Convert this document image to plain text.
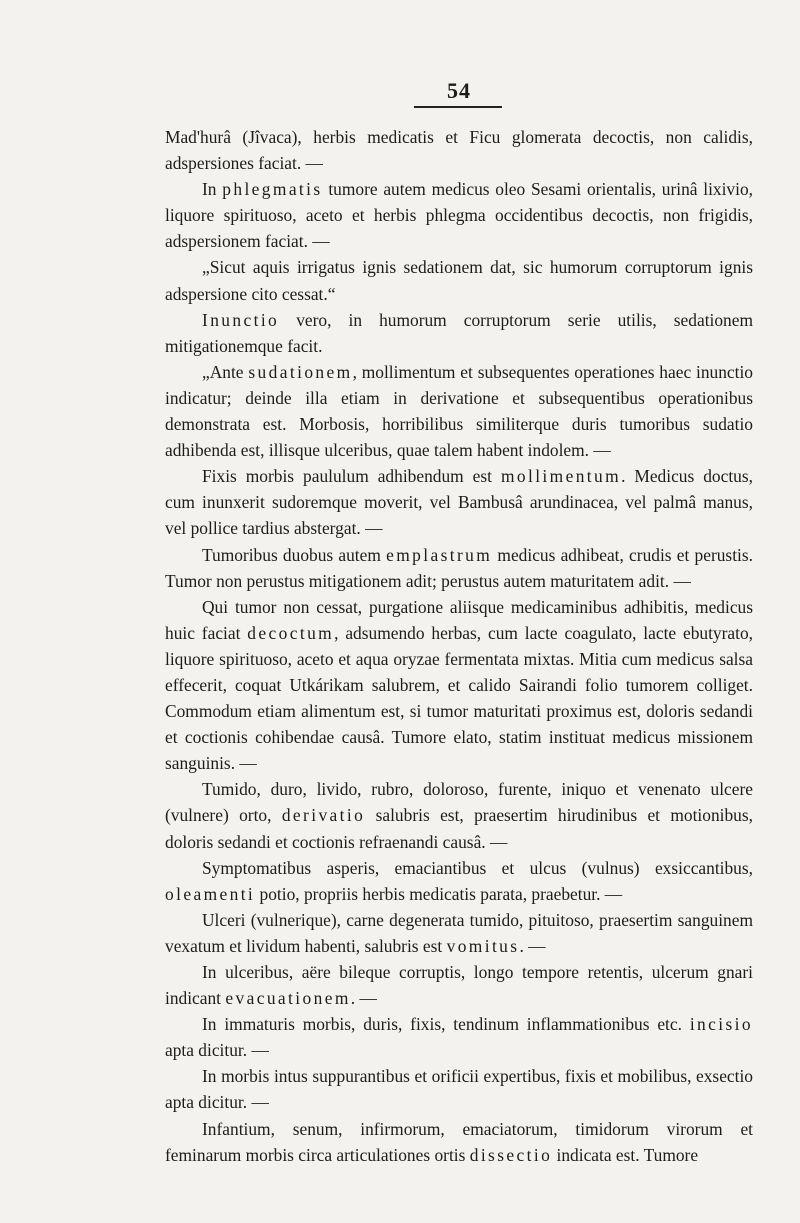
54

Mad'hurâ (Jîvaca), herbis medicatis et Ficu glomerata decoctis, non calidis, adspersiones faciat. —

In phlegmatis tumore autem medicus oleo Sesami orientalis, urinâ lixivio, liquore spirituoso, aceto et herbis phlegma occidentibus decoctis, non frigidis, adspersionem faciat. —

„Sicut aquis irrigatus ignis sedationem dat, sic humorum corruptorum ignis adspersione cito cessat.“

Inunctio vero, in humorum corruptorum serie utilis, sedationem mitigationemque facit.

„Ante sudationem, mollimentum et subsequentes operationes haec inunctio indicatur; deinde illa etiam in derivatione et subsequentibus operationibus demonstrata est. Morbosis, horribilibus similiterque duris tumoribus sudatio adhibenda est, illisque ulceribus, quae talem habent indolem. —

Fixis morbis paululum adhibendum est mollimentum. Medicus doctus, cum inunxerit sudoremque moverit, vel Bambusâ arundinacea, vel palmâ manus, vel pollice tardius abstergat. —

Tumoribus duobus autem emplastrum medicus adhibeat, crudis et perustis. Tumor non perustus mitigationem adit; perustus autem maturitatem adit. —

Qui tumor non cessat, purgatione aliisque medicaminibus adhibitis, medicus huic faciat decoctum, adsumendo herbas, cum lacte coagulato, lacte ebutyrato, liquore spirituoso, aceto et aqua oryzae fermentata mixtas. Mitia cum medicus salsa effecerit, coquat Utkárikam salubrem, et calido Sairandi folio tumorem colliget. Commodum etiam alimentum est, si tumor maturitati proximus est, doloris sedandi et coctionis cohibendae causâ. Tumore elato, statim instituat medicus missionem sanguinis. —

Tumido, duro, livido, rubro, doloroso, furente, iniquo et venenato ulcere (vulnere) orto, derivatio salubris est, praesertim hirudinibus et motionibus, doloris sedandi et coctionis refraenandi causâ. —

Symptomatibus asperis, emaciantibus et ulcus (vulnus) exsiccantibus, oleamenti potio, propriis herbis medicatis parata, praebetur. —

Ulceri (vulnerique), carne degenerata tumido, pituitoso, praesertim sanguinem vexatum et lividum habenti, salubris est vomitus. —

In ulceribus, aëre bileque corruptis, longo tempore retentis, ulcerum gnari indicant evacuationem. —

In immaturis morbis, duris, fixis, tendinum inflammationibus etc. incisio apta dicitur. —

In morbis intus suppurantibus et orificii expertibus, fixis et mobilibus, exsectio apta dicitur. —

Infantium, senum, infirmorum, emaciatorum, timidorum virorum et feminarum morbis circa articulationes ortis dissectio indicata est. Tumore
